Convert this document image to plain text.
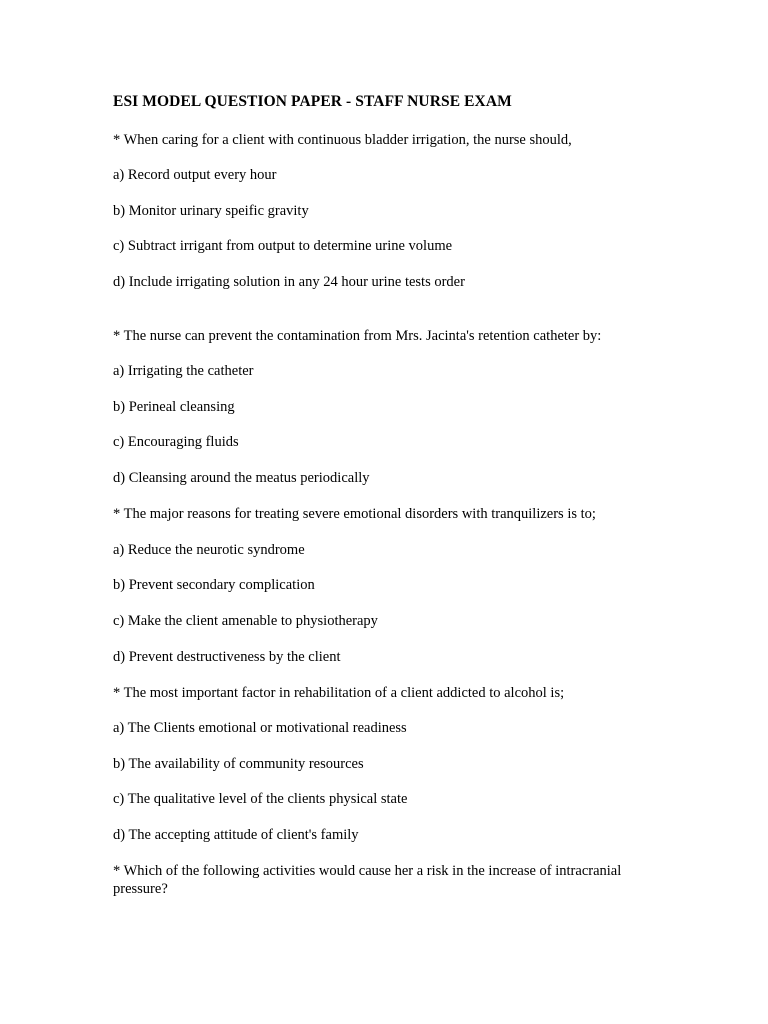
ESI MODEL QUESTION PAPER - STAFF NURSE EXAM
* When caring for a client with continuous bladder irrigation, the nurse should,
a) Record output every hour
b) Monitor urinary speific gravity
c) Subtract irrigant from output to determine urine volume
d) Include irrigating solution in any 24 hour urine tests order
* The nurse can prevent the contamination from Mrs. Jacinta's retention catheter by:
a) Irrigating the catheter
b) Perineal cleansing
c) Encouraging fluids
d) Cleansing around the meatus periodically
* The major reasons for treating severe emotional disorders with tranquilizers is to;
a) Reduce the neurotic syndrome
b) Prevent secondary complication
c) Make the client amenable to physiotherapy
d) Prevent destructiveness by the client
* The most important factor in rehabilitation of a client addicted to alcohol is;
a) The Clients emotional or motivational readiness
b) The availability of community resources
c) The qualitative level of the clients physical state
d) The accepting attitude of client's family
* Which of the following activities would cause her a risk in the increase of intracranial pressure?
